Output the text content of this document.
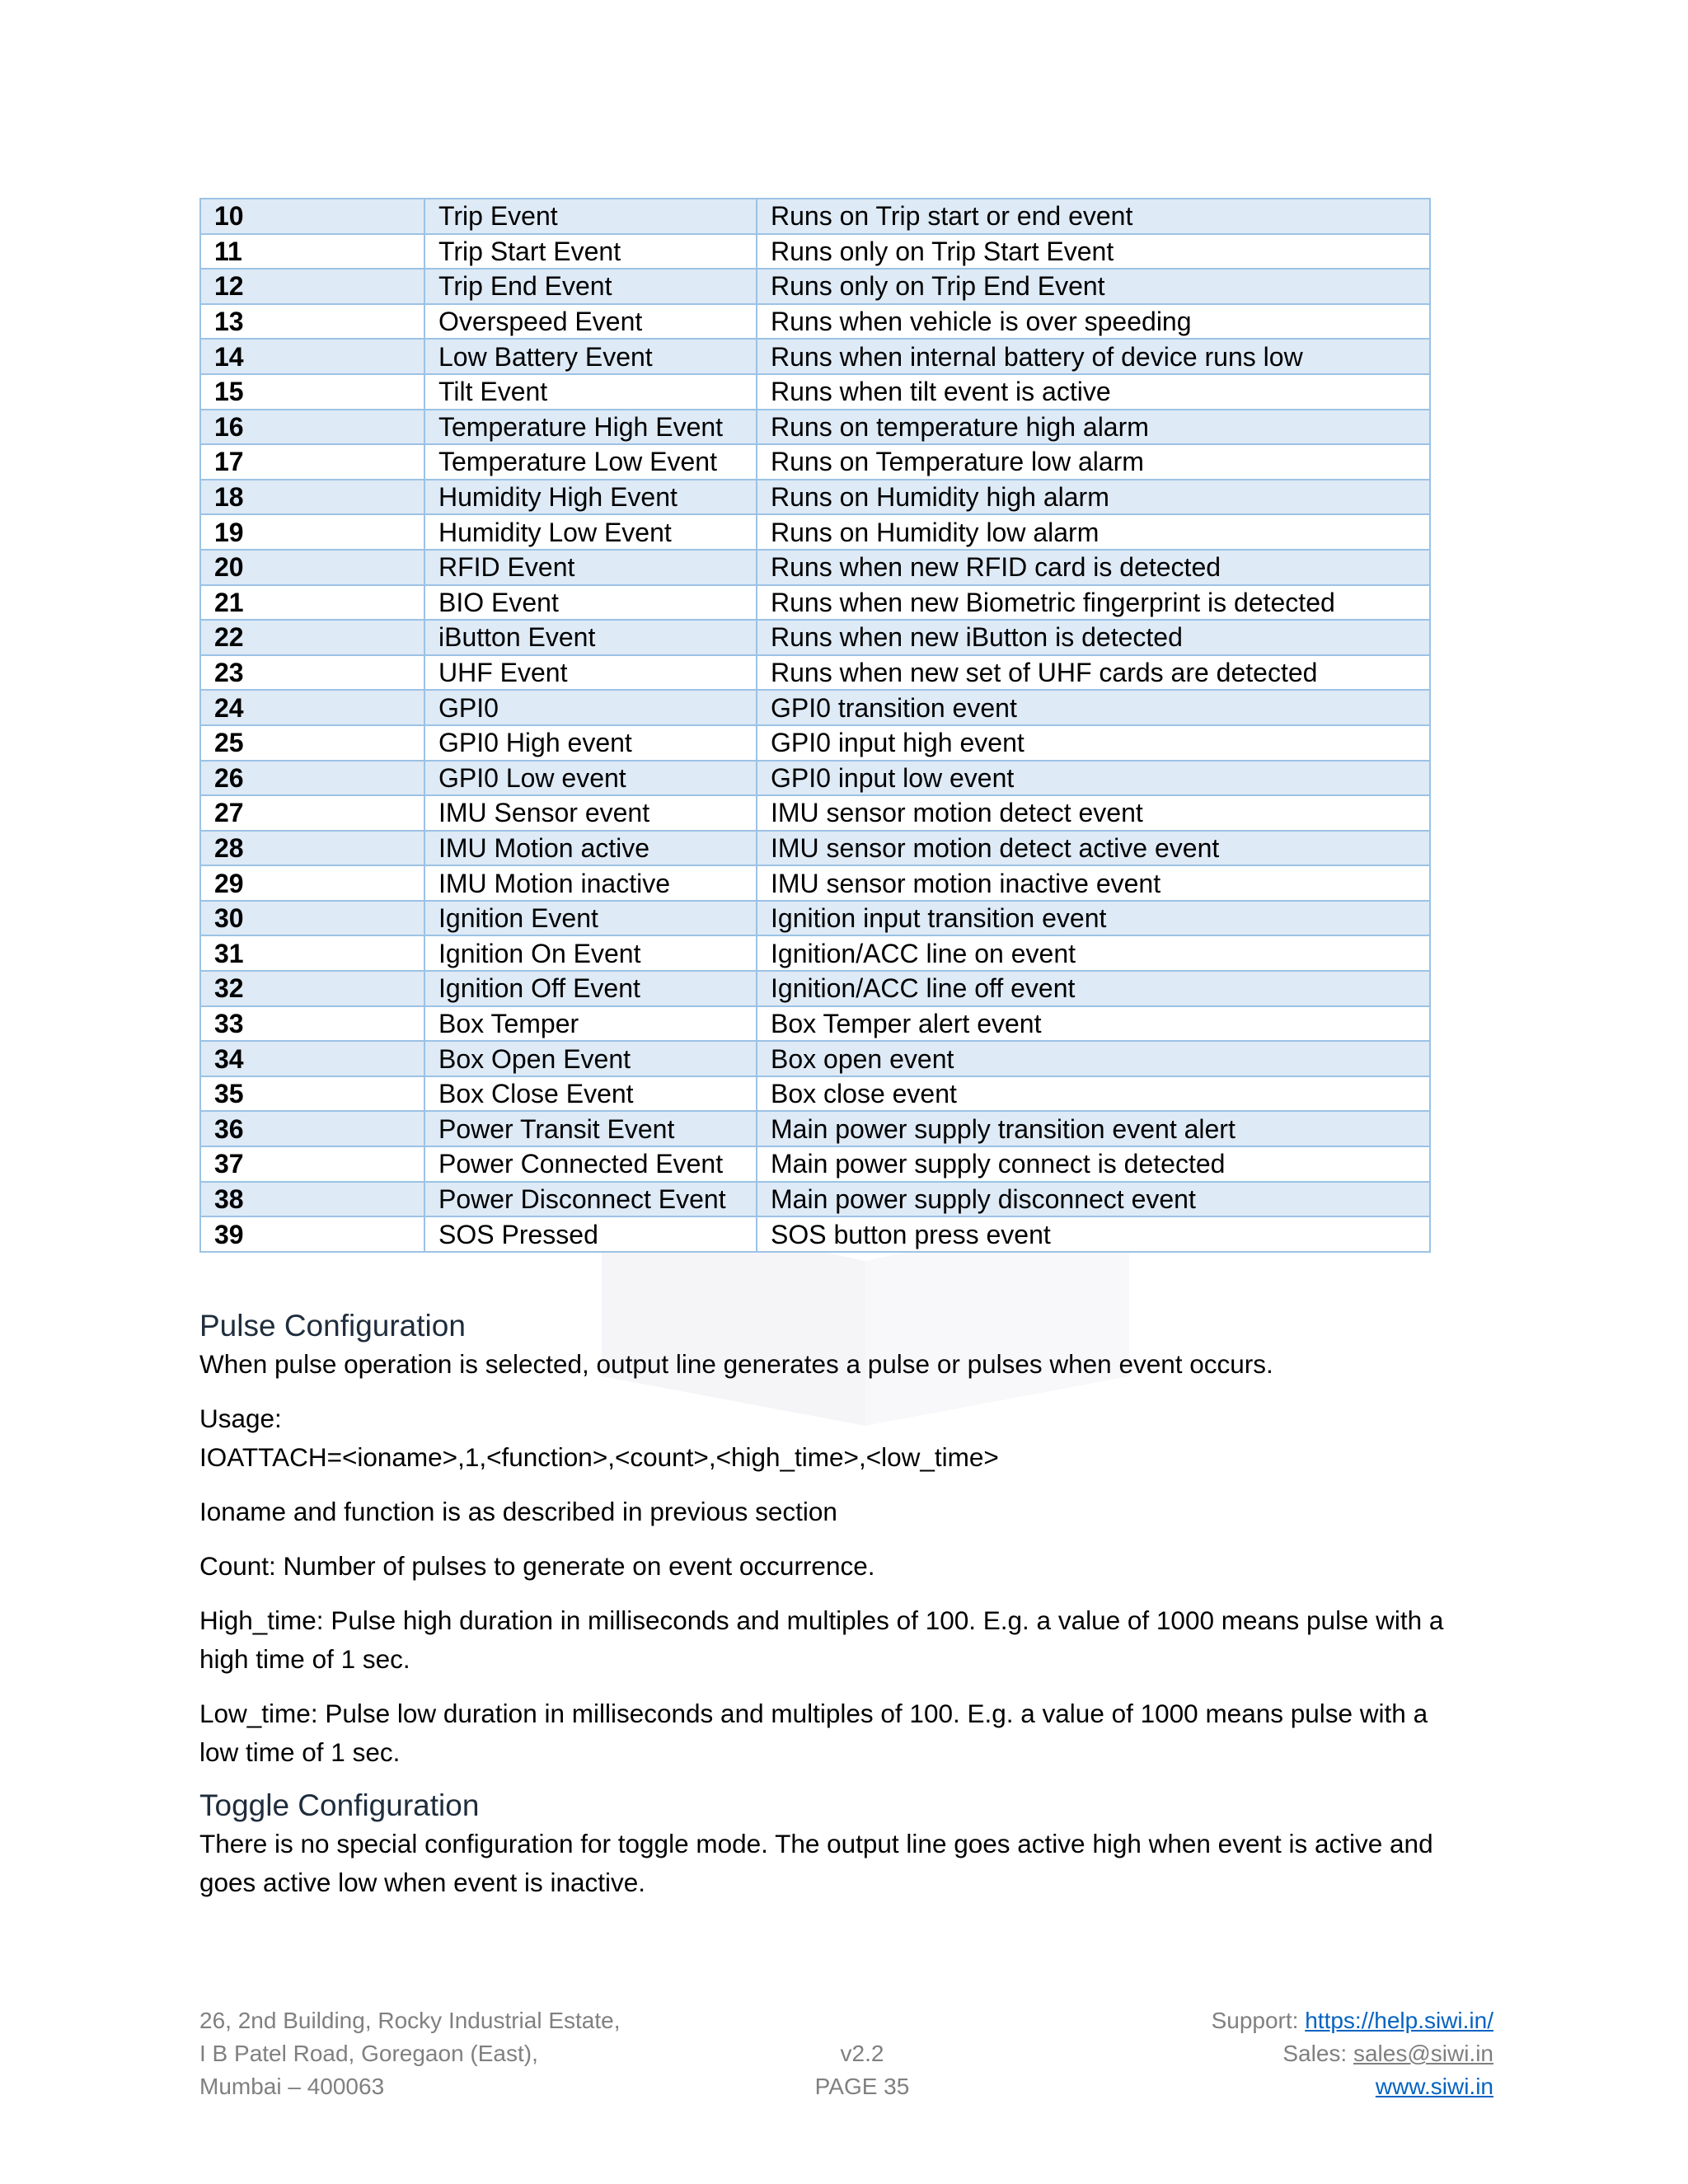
10	Trip Event	Runs on Trip start or end event
11	Trip Start Event	Runs only on Trip Start Event
12	Trip End Event	Runs only on Trip End Event
13	Overspeed Event	Runs when vehicle is over speeding
14	Low Battery Event	Runs when internal battery of device runs low
15	Tilt Event	Runs when tilt event is active
16	Temperature High Event	Runs on temperature high alarm
17	Temperature Low Event	Runs on Temperature low alarm
18	Humidity High Event	Runs on Humidity high alarm
19	Humidity Low Event	Runs on Humidity low alarm
20	RFID Event	Runs when new RFID card is detected
21	BIO Event	Runs when new Biometric fingerprint is detected
22	iButton Event	Runs when new iButton is detected
23	UHF Event	Runs when new set of UHF cards are detected
24	GPI0	GPI0 transition event
25	GPI0 High event	GPI0 input high event
26	GPI0 Low event	GPI0 input low event
27	IMU Sensor event	IMU sensor motion detect event
28	IMU Motion active	IMU sensor motion detect active event
29	IMU Motion inactive	IMU sensor motion inactive event
30	Ignition Event	Ignition input transition event
31	Ignition On Event	Ignition/ACC line on event
32	Ignition Off Event	Ignition/ACC line off event
33	Box Temper	Box Temper alert event
34	Box Open Event	Box open event
35	Box Close Event	Box close event
36	Power Transit Event	Main power supply transition event alert
37	Power Connected Event	Main power supply connect is detected
38	Power Disconnect Event	Main power supply disconnect event
39	SOS Pressed	SOS button press event
Pulse Configuration

When pulse operation is selected, output line generates a pulse or pulses when event occurs.

Usage:

IOATTACH=<ioname>,1,<function>,<count>,<high_time>,<low_time>

Ioname and function is as described in previous section

Count: Number of pulses to generate on event occurrence.

High_time: Pulse high duration in milliseconds and multiples of 100. E.g. a value of 1000 means pulse with a
high time of 1 sec.

Low_time: Pulse low duration in milliseconds and multiples of 100. E.g. a value of 1000 means pulse with a
low time of 1 sec.

Toggle Configuration

There is no special configuration for toggle mode. The output line goes active high when event is active and
goes active low when event is inactive.

26, 2nd Building, Rocky Industrial Estate,
I B Patel Road, Goregaon (East),
Mumbai – 400063

v2.2
PAGE 35
Support: https://help.siwi.in/
Sales: sales@siwi.in
www.siwi.in
